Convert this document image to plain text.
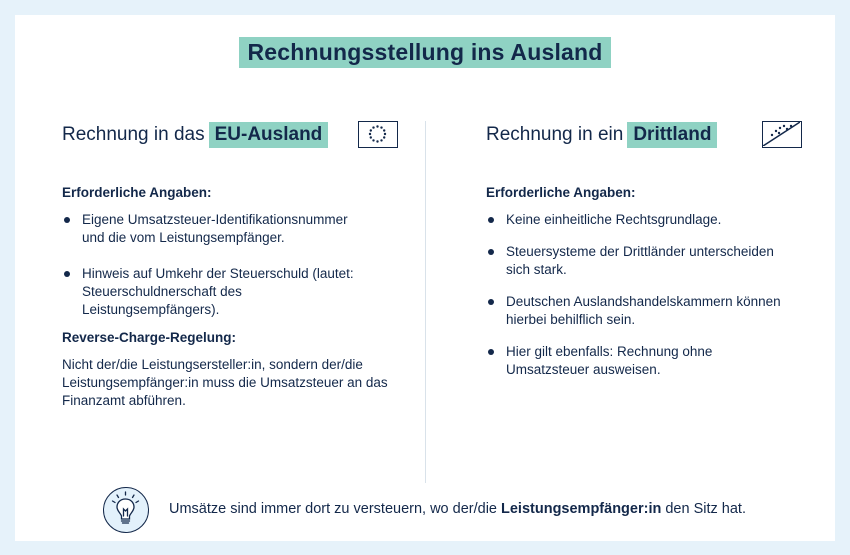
Rechnungsstellung ins Ausland
Rechnung in das EU-Ausland
Erforderliche Angaben:
Eigene Umsatzsteuer-Identifikationsnummer und die vom Leistungsempfänger.
Hinweis auf Umkehr der Steuerschuld (lautet: Steuerschuldnerschaft des Leistungsempfängers).
Reverse-Charge-Regelung:
Nicht der/die Leistungsersteller:in, sondern der/die Leistungsempfänger:in muss die Umsatzsteuer an das Finanzamt abführen.
Rechnung in ein Drittland
Erforderliche Angaben:
Keine einheitliche Rechtsgrundlage.
Steuersysteme der Drittländer unterscheiden sich stark.
Deutschen Auslandshandelskammern können hierbei behilflich sein.
Hier gilt ebenfalls: Rechnung ohne Umsatzsteuer ausweisen.
Umsätze sind immer dort zu versteuern, wo der/die Leistungsempfänger:in den Sitz hat.
